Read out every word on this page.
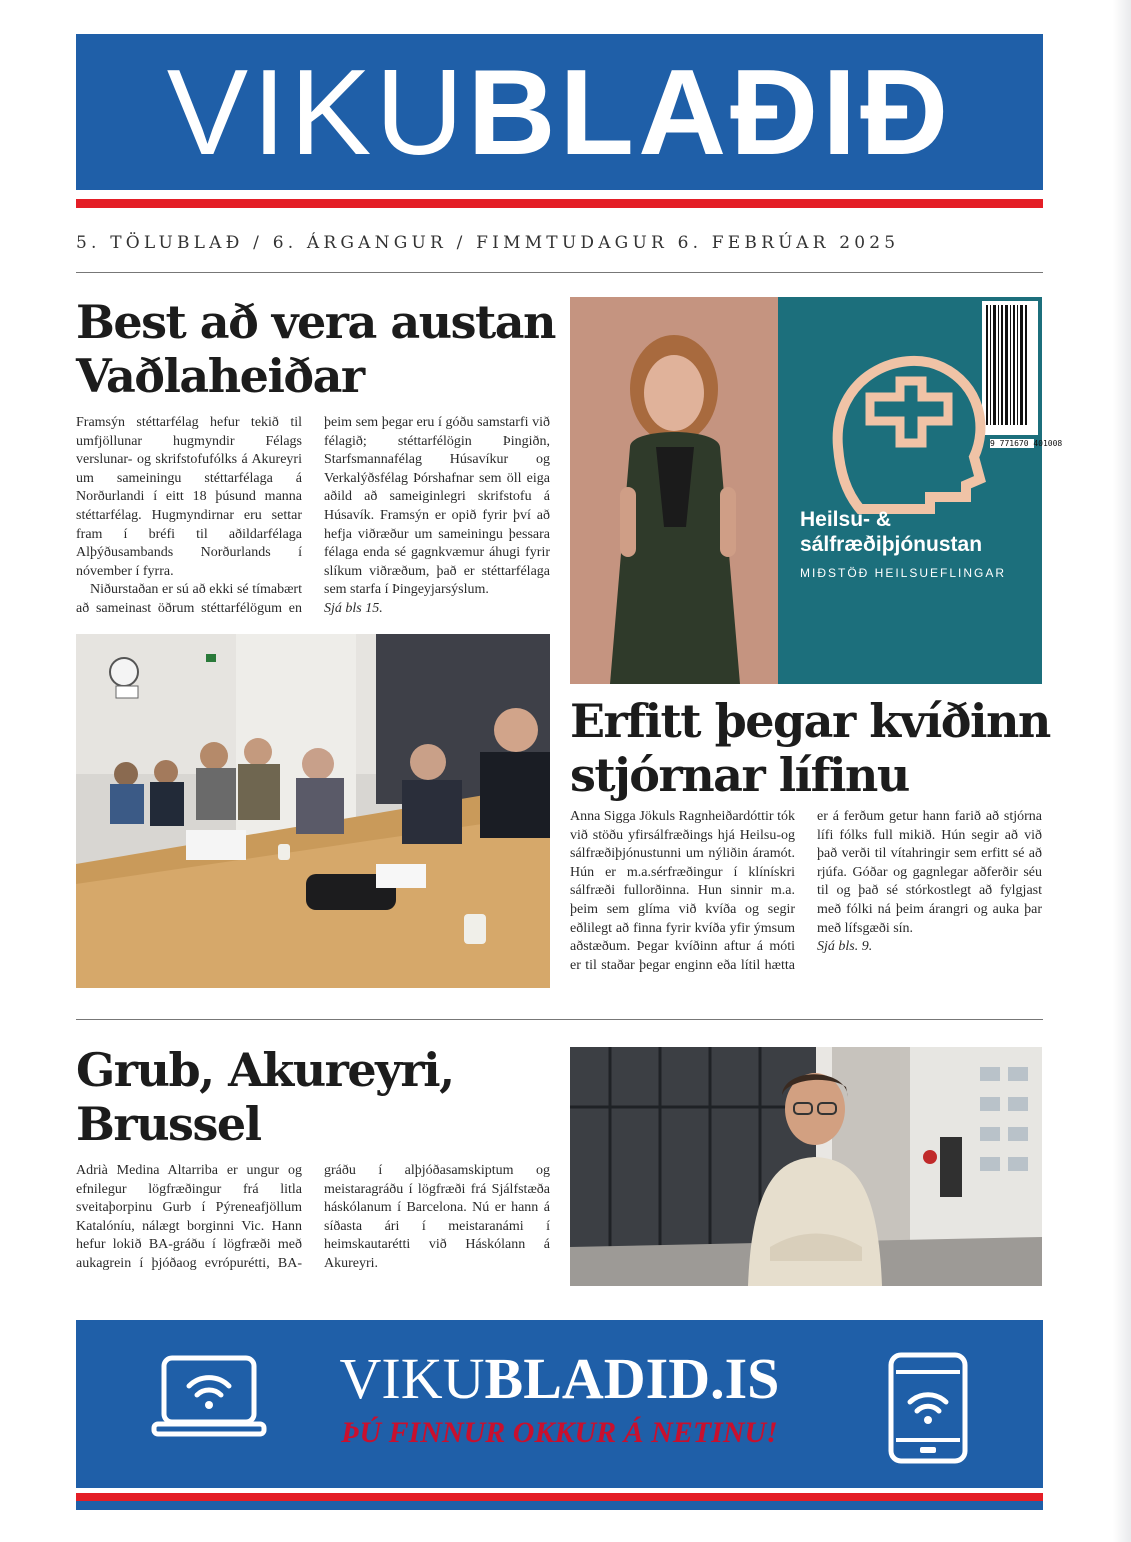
VIKUBLAÐIÐ
5. TÖLUBLAÐ / 6. ÁRGANGUR / FIMMTUDAGUR 6. FEBRÚAR 2025
Best að vera austan Vaðlaheiðar

Framsýn stéttarfélag hefur tekið til umfjöllunar hugmyndir Félags verslunar- og skrifstofufólks á Akureyri um sameiningu stéttarfélaga á Norðurlandi í eitt 18 þúsund manna stéttarfélag. Hugmyndirnar eru settar fram í bréfi til aðildarfélaga Alþýðusambands Norðurlands í nóvember í fyrra.

Niðurstaðan er sú að ekki sé tímabært að sameinast öðrum stéttarfélögum en þeim sem þegar eru í góðu samstarfi við félagið; stéttarfélögin Þingiðn, Starfsmannafélag Húsavíkur og Verkalýðsfélag Þórshafnar sem öll eiga aðild að sameiginlegri skrifstofu á Húsavík. Framsýn er opið fyrir því að hefja viðræður um sameiningu þessara félaga enda sé gagnkvæmur áhugi fyrir slíkum viðræðum, það er stéttarfélaga sem starfa í Þingeyjarsýslum.

Sjá bls 15.
Heilsu- &
sálfræðiþjónustan
MIÐSTÖÐ HEILSUEFLINGAR
9 771670 401008
Erfitt þegar kvíðinn stjórnar lífinu

Anna Sigga Jökuls Ragnheiðardóttir tók við stöðu yfirsálfræðings hjá Heilsu-og sálfræðiþjónustunni um nýliðin áramót. Hún er m.a.sérfræðingur í klínískri sálfræði fullorðinna. Hun sinnir m.a. þeim sem glíma við kvíða og segir eðlilegt að finna fyrir kvíða yfir ýmsum aðstæðum. Þegar kvíðinn aftur á móti er til staðar þegar enginn eða lítil hætta er á ferðum getur hann farið að stjórna lífi fólks full mikið. Hún segir að við það verði til vítahringir sem erfitt sé að rjúfa. Góðar og gagnlegar aðferðir séu til og það sé stórkostlegt að fylgjast með fólki ná þeim árangri og auka þar með lífsgæði sín.

Sjá bls. 9.
Grub, Akureyri, Brussel

Adrià Medina Altarriba er ungur og efnilegur lögfræðingur frá litla sveitaþorpinu Gurb í Pýreneafjöllum Katalóníu, nálægt borginni Vic. Hann hefur lokið BA-gráðu í lögfræði með aukagrein í þjóðaog evrópurétti, BA-gráðu í alþjóðasamskiptum og meistaragráðu í lögfræði frá Sjálfstæða háskólanum í Barcelona. Nú er hann á síðasta ári í meistaranámi í heimskautarétti við Háskólann á Akureyri.

VIKUBLADID.IS
ÞÚ FINNUR OKKUR Á NETINU!
